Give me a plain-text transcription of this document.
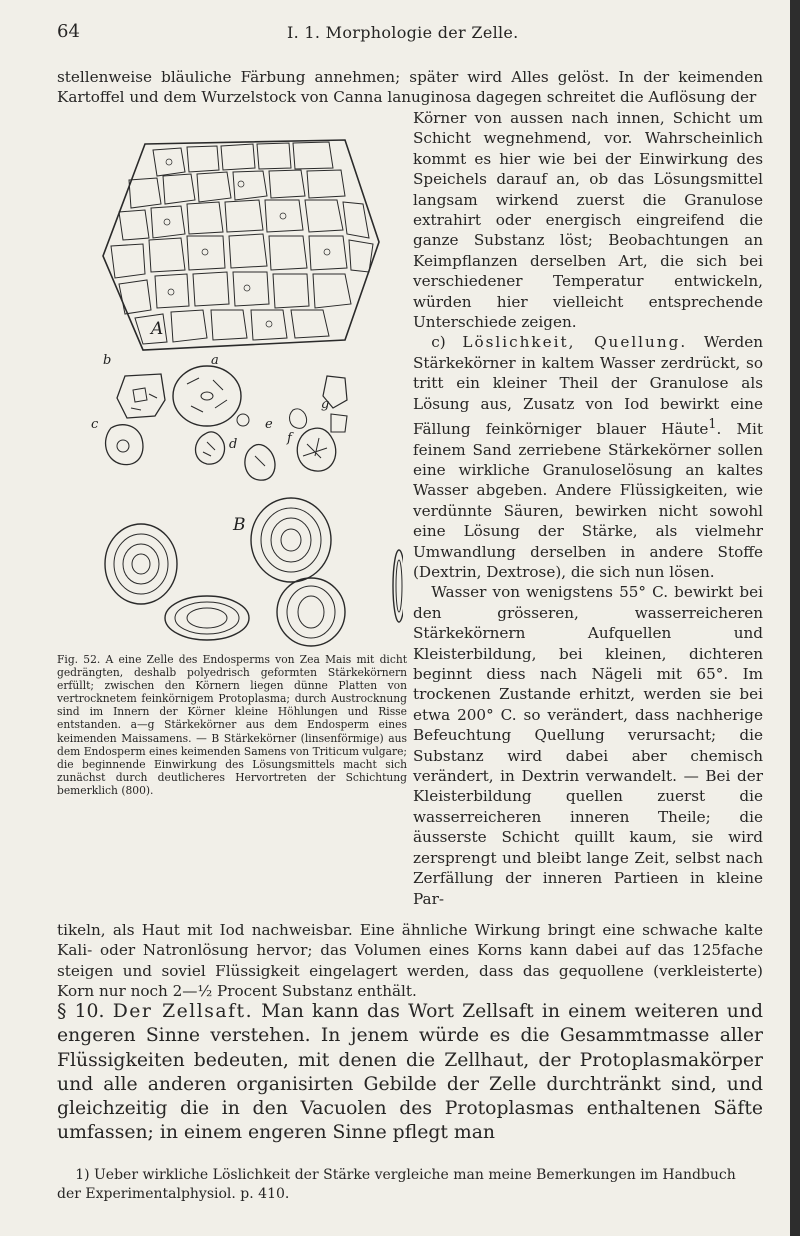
64	I. 1. Morphologie der Zelle.

stellenweise bläuliche Färbung annehmen; später wird Alles gelöst. In der keimenden Kartoffel und dem Wurzelstock von Canna lanuginosa dagegen schreitet die Auflösung der

A
b	a
c
d
e
f
g
B

Fig. 52. A eine Zelle des Endosperms von Zea Mais mit dicht gedrängten, deshalb polyedrisch geformten Stärkekörnern erfüllt; zwischen den Körnern liegen dünne Platten von vertrocknetem feinkörnigem Protoplasma; durch Austrocknung sind im Innern der Körner kleine Höhlungen und Risse entstanden. a—g Stärkekörner aus dem Endosperm eines keimenden Maissamens. — B Stärkekörner (linsenförmige) aus dem Endosperm eines keimenden Samens von Triticum vulgare; die beginnende Einwirkung des Lösungsmittels macht sich zunächst durch deutlicheres Hervortreten der Schichtung bemerklich (800).

Körner von aussen nach innen, Schicht um Schicht wegnehmend, vor. Wahrscheinlich kommt es hier wie bei der Einwirkung des Speichels darauf an, ob das Lösungsmittel langsam wirkend zuerst die Granulose extrahirt oder energisch eingreifend die ganze Substanz löst; Beobachtungen an Keimpflanzen derselben Art, die sich bei verschiedener Temperatur entwickeln, würden hier vielleicht entsprechende Unterschiede zeigen.

c) Löslichkeit, Quellung. Werden Stärkekörner in kaltem Wasser zerdrückt, so tritt ein kleiner Theil der Granulose als Lösung aus, Zusatz von Iod bewirkt eine Fällung feinkörniger blauer Häute$^1$. Mit feinem Sand zerriebene Stärkekörner sollen eine wirkliche Granuloselösung an kaltes Wasser abgeben. Andere Flüssigkeiten, wie verdünnte Säuren, bewirken nicht sowohl eine Lösung der Stärke, als vielmehr Umwandlung derselben in andere Stoffe (Dextrin, Dextrose), die sich nun lösen.

Wasser von wenigstens 55° C. bewirkt bei den grösseren, wasserreicheren Stärkekörnern Aufquellen und Kleisterbildung, bei kleinen, dichteren beginnt diess nach Nägeli mit 65°. Im trockenen Zustande erhitzt, werden sie bei etwa 200° C. so verändert, dass nachherige Befeuchtung Quellung verursacht; die Substanz wird dabei aber chemisch verändert, in Dextrin verwandelt. — Bei der Kleisterbildung quellen zuerst die wasserreicheren inneren Theile; die äusserste Schicht quillt kaum, sie wird zersprengt und bleibt lange Zeit, selbst nach Zerfällung der inneren Partieen in kleine Par-

tikeln, als Haut mit Iod nachweisbar. Eine ähnliche Wirkung bringt eine schwache kalte Kali- oder Natronlösung hervor; das Volumen eines Korns kann dabei auf das 125fache steigen und soviel Flüssigkeit eingelagert werden, dass das gequollene (verkleisterte) Korn nur noch 2—½ Procent Substanz enthält.

§ 10. Der Zellsaft. Man kann das Wort Zellsaft in einem weiteren und engeren Sinne verstehen. In jenem würde es die Gesammtmasse aller Flüssigkeiten bedeuten, mit denen die Zellhaut, der Protoplasmakörper und alle anderen organisirten Gebilde der Zelle durchtränkt sind, und gleichzeitig die in den Vacuolen des Protoplasmas enthaltenen Säfte umfassen; in einem engeren Sinne pflegt man

1) Ueber wirkliche Löslichkeit der Stärke vergleiche man meine Bemerkungen im Handbuch der Experimentalphysiol. p. 410.
